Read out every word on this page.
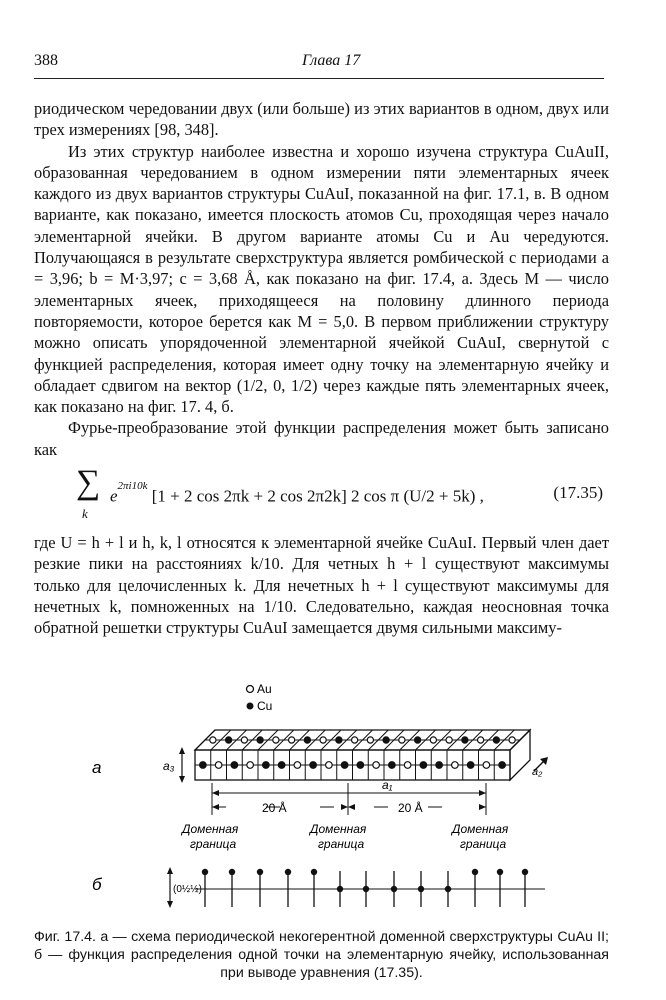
388	Глава 17

риодическом чередовании двух (или больше) из этих вариантов в одном, двух или трех измерениях [98, 348].

Из этих структур наиболее известна и хорошо изучена структура CuAuII, образованная чередованием в одном измерении пяти элементарных ячеек каждого из двух вариантов структуры CuAuI, показанной на фиг. 17.1, в. В одном варианте, как показано, имеется плоскость атомов Cu, проходящая через начало элементарной ячейки. В другом варианте атомы Cu и Au чередуются. Получающаяся в результате сверхструктура является ромбической с периодами a = 3,96; b = M·3,97; c = 3,68 Å, как показано на фиг. 17.4, a. Здесь M — число элементарных ячеек, приходящееся на половину длинного периода повторяемости, которое берется как M = 5,0. В первом приближении структуру можно описать упорядоченной элементарной ячейкой CuAuI, свернутой с функцией распределения, которая имеет одну точку на элементарную ячейку и обладает сдвигом на вектор (1/2, 0, 1/2) через каждые пять элементарных ячеек, как показано на фиг. 17. 4, б.

Фурье-преобразование этой функции распределения может быть записано как

∑
k
$e^{2\pi i10k}$ [1 + 2 cos 2πk + 2 cos 2π2k] 2 cos π (U/2 + 5k) ,	(17.35)

где U = h + l и h, k, l относятся к элементарной ячейке CuAuI. Первый член дает резкие пики на расстояниях k/10. Для четных h + l существуют максимумы только для целочисленных k. Для нечетных h + l существуют максимумы для нечетных k, помноженных на 1/10. Следовательно, каждая неосновная точка обратной решетки структуры CuAuI замещается двумя сильными максиму-

Au
Cu
а
б
a₃	a₂
a₁
20 Å	20 Å
Доменная
граница
Доменная
граница
Доменная
граница
(0½½)
Фиг. 17.4. а — схема периодической некогерентной доменной сверхструктуры CuAu II; б — функция распределения одной точки на элементарную ячейку, использованная при выводе уравнения (17.35).
